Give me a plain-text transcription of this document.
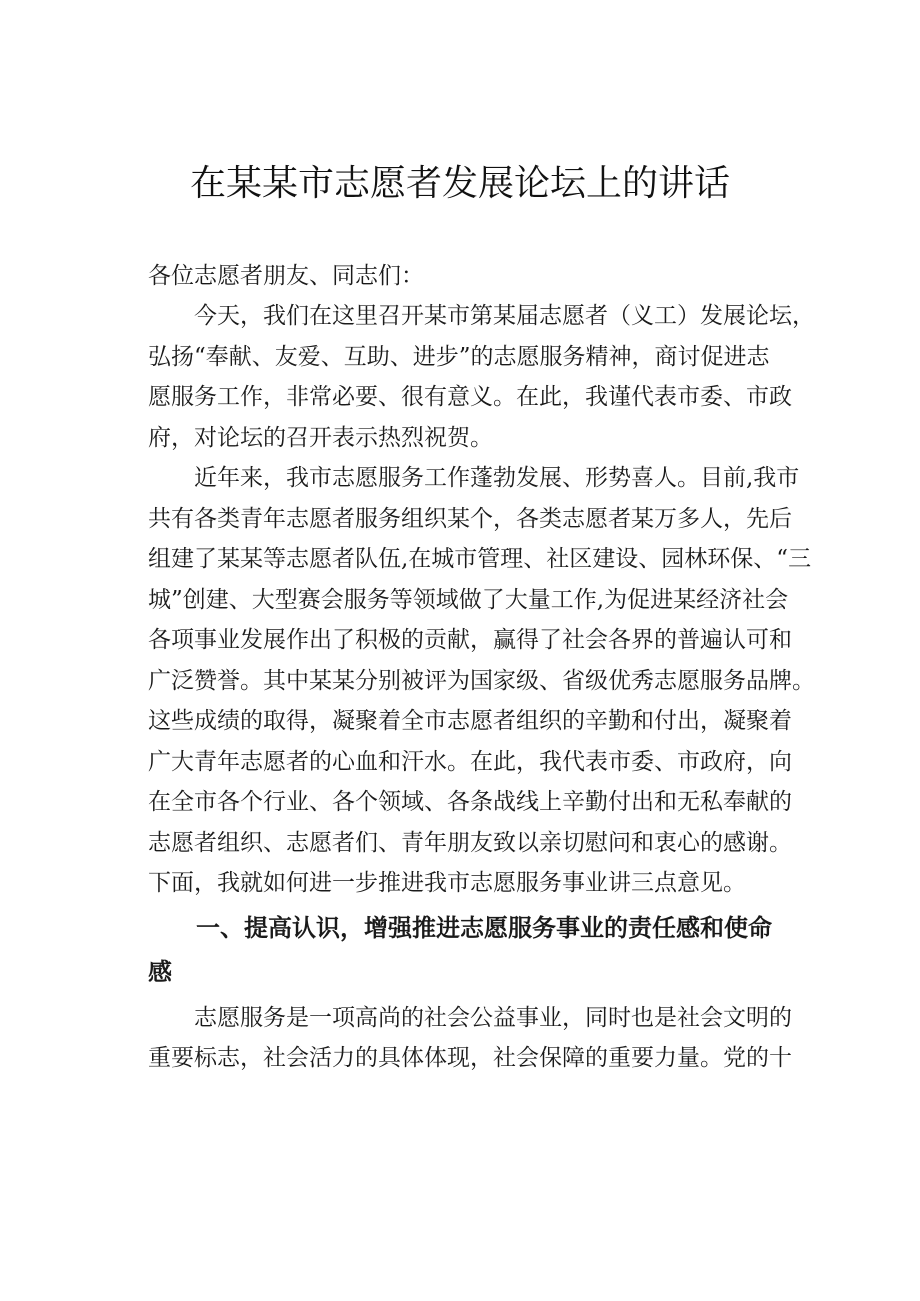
在某某市志愿者发展论坛上的讲话

各位志愿者朋友、同志们：

今天，我们在这里召开某市第某届志愿者（义工）发展论坛，
弘扬“奉献、友爱、互助、进步”的志愿服务精神，商讨促进志
愿服务工作，非常必要、很有意义。在此，我谨代表市委、市政
府，对论坛的召开表示热烈祝贺。

近年来，我市志愿服务工作蓬勃发展、形势喜人。目前,我市
共有各类青年志愿者服务组织某个，各类志愿者某万多人，先后
组建了某某等志愿者队伍,在城市管理、社区建设、园林环保、“三
城”创建、大型赛会服务等领域做了大量工作,为促进某经济社会
各项事业发展作出了积极的贡献，赢得了社会各界的普遍认可和
广泛赞誉。其中某某分别被评为国家级、省级优秀志愿服务品牌。
这些成绩的取得，凝聚着全市志愿者组织的辛勤和付出，凝聚着
广大青年志愿者的心血和汗水。在此，我代表市委、市政府，向
在全市各个行业、各个领域、各条战线上辛勤付出和无私奉献的
志愿者组织、志愿者们、青年朋友致以亲切慰问和衷心的感谢。
下面，我就如何进一步推进我市志愿服务事业讲三点意见。

一、提高认识，增强推进志愿服务事业的责任感和使命
感

志愿服务是一项高尚的社会公益事业，同时也是社会文明的
重要标志，社会活力的具体体现，社会保障的重要力量。党的十
